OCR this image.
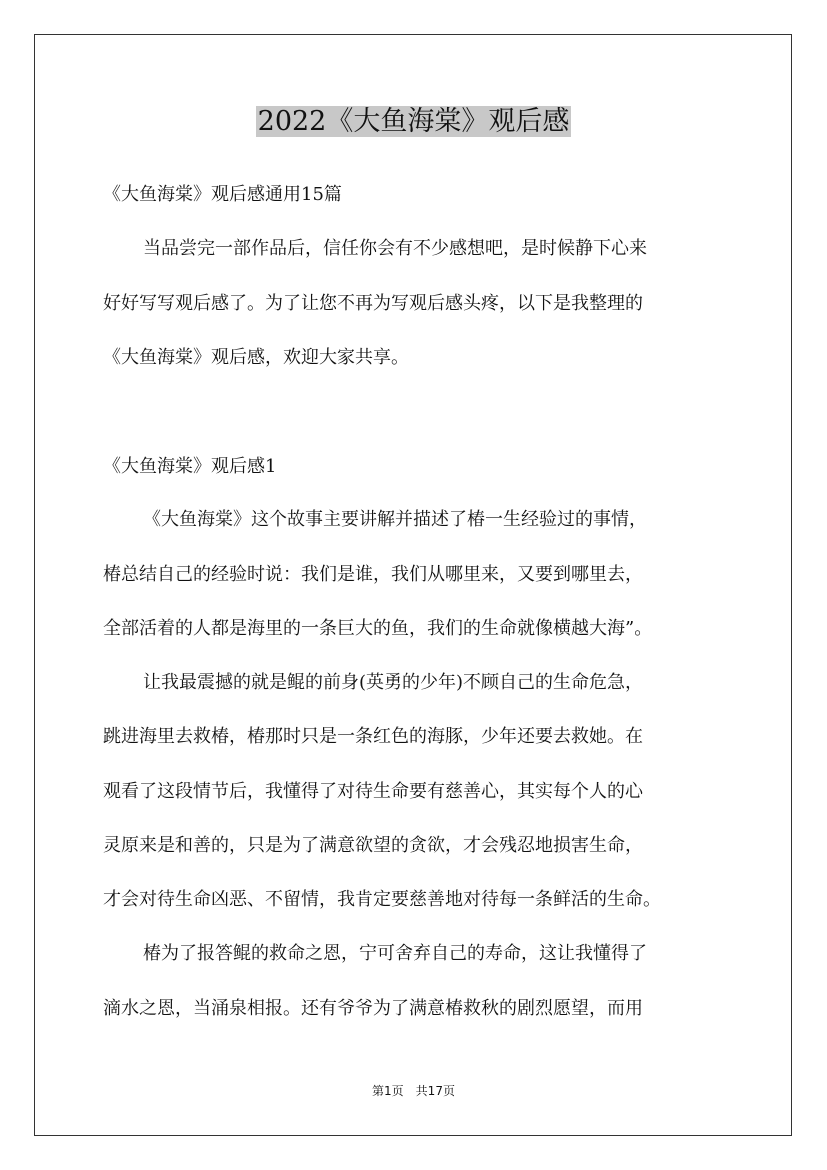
2022《大鱼海棠》观后感
《大鱼海棠》观后感通用15篇
当品尝完一部作品后，信任你会有不少感想吧，是时候静下心来
好好写写观后感了。为了让您不再为写观后感头疼，以下是我整理的
《大鱼海棠》观后感，欢迎大家共享。
《大鱼海棠》观后感1
《大鱼海棠》这个故事主要讲解并描述了椿一生经验过的事情，
椿总结自己的经验时说：我们是谁，我们从哪里来，又要到哪里去，
全部活着的人都是海里的一条巨大的鱼，我们的生命就像横越大海”。
让我最震撼的就是鲲的前身(英勇的少年)不顾自己的生命危急，
跳进海里去救椿，椿那时只是一条红色的海豚，少年还要去救她。在
观看了这段情节后，我懂得了对待生命要有慈善心，其实每个人的心
灵原来是和善的，只是为了满意欲望的贪欲，才会残忍地损害生命，
才会对待生命凶恶、不留情，我肯定要慈善地对待每一条鲜活的生命。
椿为了报答鲲的救命之恩，宁可舍弃自己的寿命，这让我懂得了
滴水之恩，当涌泉相报。还有爷爷为了满意椿救秋的剧烈愿望，而用
第1页　共17页
